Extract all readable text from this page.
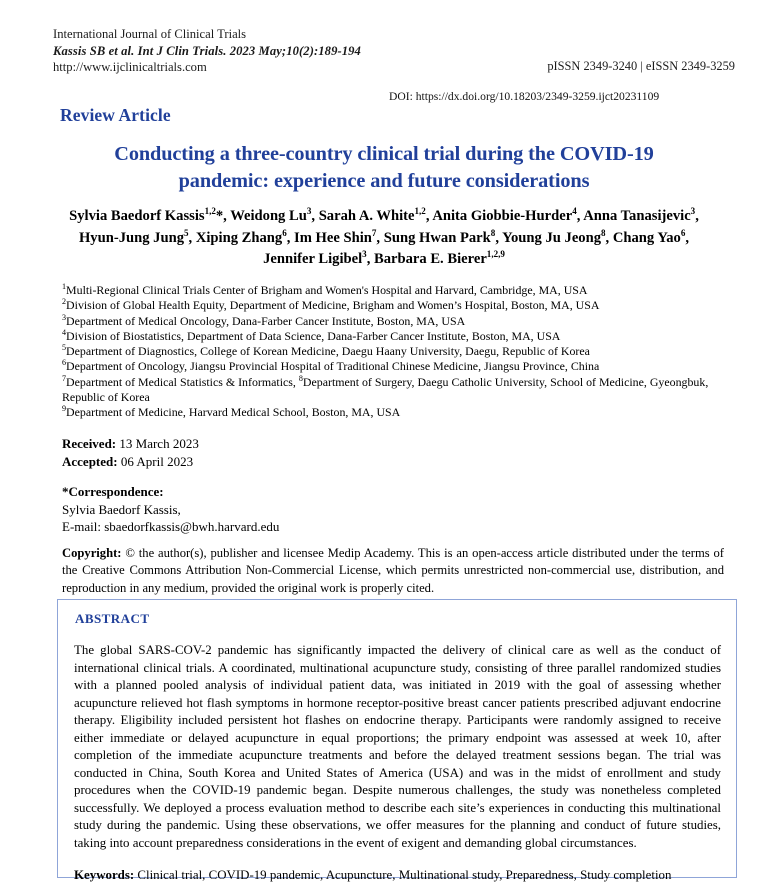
International Journal of Clinical Trials
Kassis SB et al. Int J Clin Trials. 2023 May;10(2):189-194
http://www.ijclinicaltrials.com	pISSN 2349-3240 | eISSN 2349-3259
DOI: https://dx.doi.org/10.18203/2349-3259.ijct20231109
Review Article
Conducting a three-country clinical trial during the COVID-19 pandemic: experience and future considerations
Sylvia Baedorf Kassis$^{1,2}$*, Weidong Lu$^3$, Sarah A. White$^{1,2}$, Anita Giobbie-Hurder$^4$, Anna Tanasijevic$^3$, Hyun-Jung Jung$^5$, Xiping Zhang$^6$, Im Hee Shin$^7$, Sung Hwan Park$^8$, Young Ju Jeong$^8$, Chang Yao$^6$, Jennifer Ligibel$^3$, Barbara E. Bierer$^{1,2,9}$
$^1$Multi-Regional Clinical Trials Center of Brigham and Women's Hospital and Harvard, Cambridge, MA, USA
$^2$Division of Global Health Equity, Department of Medicine, Brigham and Women’s Hospital, Boston, MA, USA
$^3$Department of Medical Oncology, Dana-Farber Cancer Institute, Boston, MA, USA
$^4$Division of Biostatistics, Department of Data Science, Dana-Farber Cancer Institute, Boston, MA, USA
$^5$Department of Diagnostics, College of Korean Medicine, Daegu Haany University, Daegu, Republic of Korea
$^6$Department of Oncology, Jiangsu Provincial Hospital of Traditional Chinese Medicine, Jiangsu Province, China
$^7$Department of Medical Statistics & Informatics, $^8$Department of Surgery, Daegu Catholic University, School of Medicine, Gyeongbuk, Republic of Korea
$^9$Department of Medicine, Harvard Medical School, Boston, MA, USA
Received: 13 March 2023
Accepted: 06 April 2023
*Correspondence:
Sylvia Baedorf Kassis,
E-mail: sbaedorfkassis@bwh.harvard.edu
Copyright: © the author(s), publisher and licensee Medip Academy. This is an open-access article distributed under the terms of the Creative Commons Attribution Non-Commercial License, which permits unrestricted non-commercial use, distribution, and reproduction in any medium, provided the original work is properly cited.
ABSTRACT
The global SARS-COV-2 pandemic has significantly impacted the delivery of clinical care as well as the conduct of international clinical trials. A coordinated, multinational acupuncture study, consisting of three parallel randomized studies with a planned pooled analysis of individual patient data, was initiated in 2019 with the goal of assessing whether acupuncture relieved hot flash symptoms in hormone receptor-positive breast cancer patients prescribed adjuvant endocrine therapy. Eligibility included persistent hot flashes on endocrine therapy. Participants were randomly assigned to receive either immediate or delayed acupuncture in equal proportions; the primary endpoint was assessed at week 10, after completion of the immediate acupuncture treatments and before the delayed treatment sessions began. The trial was conducted in China, South Korea and United States of America (USA) and was in the midst of enrollment and study procedures when the COVID-19 pandemic began. Despite numerous challenges, the study was nonetheless completed successfully. We deployed a process evaluation method to describe each site’s experiences in conducting this multinational study during the pandemic. Using these observations, we offer measures for the planning and conduct of future studies, taking into account preparedness considerations in the event of exigent and demanding global circumstances.
Keywords: Clinical trial, COVID-19 pandemic, Acupuncture, Multinational study, Preparedness, Study completion
